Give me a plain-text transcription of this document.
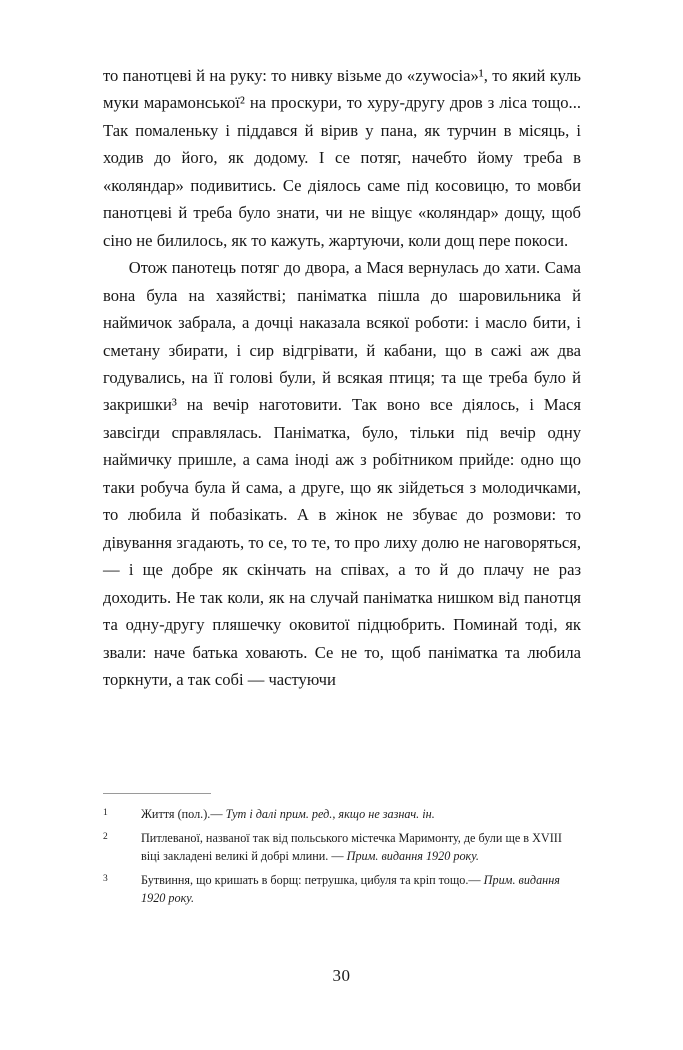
то панотцеві й на руку: то нивку візьме до «zywocia»¹, то який куль муки марамонської² на проскури, то хуру-другу дров з ліса тощо... Так помаленьку і піддався й вірив у пана, як турчин в місяць, і ходив до його, як додому. І се потяг, начебто йому треба в «коляндар» подивитись. Се діялось саме під косовицю, то мовби панотцеві й треба було знати, чи не віщує «коляндар» дощу, щоб сіно не билилось, як то кажуть, жартуючи, коли дощ пере покоси.

Отож панотець потяг до двора, а Мася вернулась до хати. Сама вона була на хазяйстві; паніматка пішла до шаровильника й наймичок забрала, а дочці наказала всякої роботи: і масло бити, і сметану збирати, і сир відгрівати, й кабани, що в сажі аж два годувались, на її голові були, й всякая птиця; та ще треба було й закришки³ на вечір наготовити. Так воно все діялось, і Мася завсігди справлялась. Паніматка, було, тільки під вечір одну наймичку пришле, а сама іноді аж з робітником прийде: одно що таки робуча була й сама, а друге, що як зійдеться з молодичками, то любила й побазікать. А в жінок не збуває до розмови: то дівування згадають, то се, то те, то про лиху долю не наговоряться, — і ще добре як скінчать на співах, а то й до плачу не раз доходить. Не так коли, як на случай паніматка нишком від панотця та одну-другу пляшечку оковитої підцюбрить. Поминай тоді, як звали: наче батька ховають. Се не то, щоб паніматка та любила торкнути, а так собі — частуючи

1	Життя (пол.).— Тут і далі прим. ред., якщо не зазнач. ін.
2	Питлеваної, названої так від польського містечка Маримонту, де були ще в XVIII віці закладені великі й добрі млини. — Прим. видання 1920 року.
3	Бутвиння, що кришать в борщ: петрушка, цибуля та кріп тощо.— Прим. видання 1920 року.
30
